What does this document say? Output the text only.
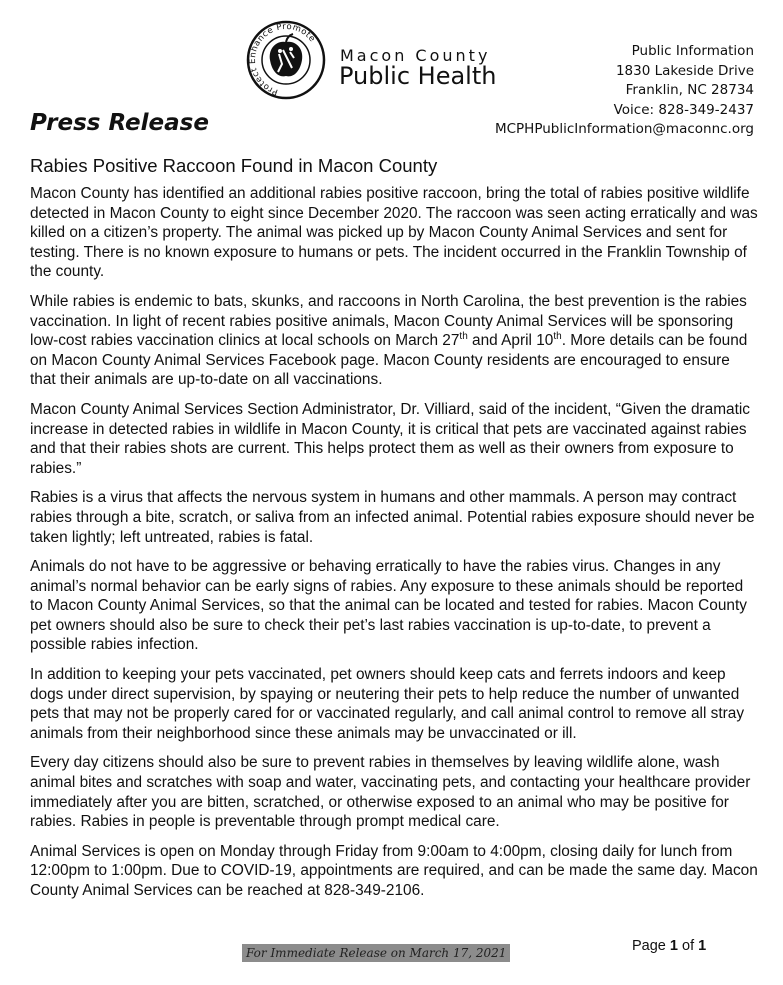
Protect Enhance Promote
Macon County
Public Health
Public Information
1830 Lakeside Drive
Franklin, NC 28734
Voice: 828-349-2437
MCPHPublicInformation@maconnc.org
Press Release
Rabies Positive Raccoon Found in Macon County

Macon County has identified an additional rabies positive raccoon, bring the total of rabies positive wildlife detected in Macon County to eight since December 2020. The raccoon was seen acting erratically and was killed on a citizen’s property. The animal was picked up by Macon County Animal Services and sent for testing. There is no known exposure to humans or pets. The incident occurred in the Franklin Township of the county.

While rabies is endemic to bats, skunks, and raccoons in North Carolina, the best prevention is the rabies vaccination. In light of recent rabies positive animals, Macon County Animal Services will be sponsoring low-cost rabies vaccination clinics at local schools on March 27th and April 10th. More details can be found on Macon County Animal Services Facebook page. Macon County residents are encouraged to ensure that their animals are up-to-date on all vaccinations.

Macon County Animal Services Section Administrator, Dr. Villiard, said of the incident, “Given the dramatic increase in detected rabies in wildlife in Macon County, it is critical that pets are vaccinated against rabies and that their rabies shots are current. This helps protect them as well as their owners from exposure to rabies.”

Rabies is a virus that affects the nervous system in humans and other mammals. A person may contract rabies through a bite, scratch, or saliva from an infected animal. Potential rabies exposure should never be taken lightly; left untreated, rabies is fatal.

Animals do not have to be aggressive or behaving erratically to have the rabies virus. Changes in any animal’s normal behavior can be early signs of rabies. Any exposure to these animals should be reported to Macon County Animal Services, so that the animal can be located and tested for rabies. Macon County pet owners should also be sure to check their pet’s last rabies vaccination is up-to-date, to prevent a possible rabies infection.

In addition to keeping your pets vaccinated, pet owners should keep cats and ferrets indoors and keep dogs under direct supervision, by spaying or neutering their pets to help reduce the number of unwanted pets that may not be properly cared for or vaccinated regularly, and call animal control to remove all stray animals from their neighborhood since these animals may be unvaccinated or ill.

Every day citizens should also be sure to prevent rabies in themselves by leaving wildlife alone, wash animal bites and scratches with soap and water, vaccinating pets, and contacting your healthcare provider immediately after you are bitten, scratched, or otherwise exposed to an animal who may be positive for rabies. Rabies in people is preventable through prompt medical care.

Animal Services is open on Monday through Friday from 9:00am to 4:00pm, closing daily for lunch from 12:00pm to 1:00pm. Due to COVID-19, appointments are required, and can be made the same day. Macon County Animal Services can be reached at 828-349-2106.

For Immediate Release on March 17, 2021	Page 1 of 1
